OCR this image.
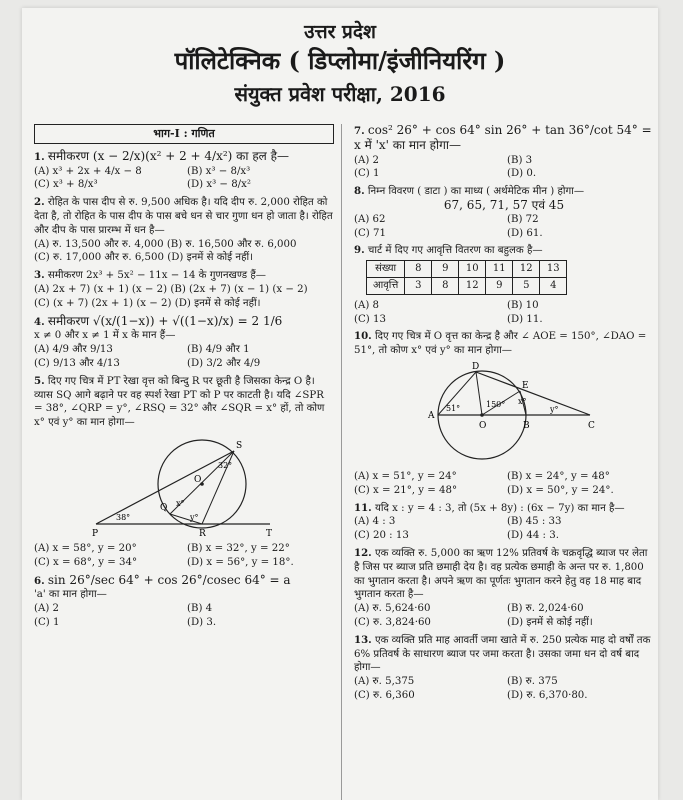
उत्तर प्रदेश
पॉलिटेक्निक ( डिप्लोमा/इंजीनियरिंग )
संयुक्त प्रवेश परीक्षा, 2016
भाग-I : गणित
1. समीकरण (x − 2/x)(x² + 2 + 4/x²) का हल है—
(A) x³ + 2x + 4/x − 8	(B) x³ − 8/x³
(C) x³ + 8/x³	(D) x³ − 8/x²
2. रोहित के पास दीप से रु. 9,500 अधिक है। यदि दीप रु. 2,000 रोहित को देता है, तो रोहित के पास दीप के पास बचे धन से चार गुणा धन हो जाता है। रोहित और दीप के पास प्रारम्भ में धन है—
(A) रु. 13,500 और रु. 4,000 (B) रु. 16,500 और रु. 6,000
(C) रु. 17,000 और रु. 6,500 (D) इनमें से कोई नहीं।
3. समीकरण 2x³ + 5x² − 11x − 14 के गुणनखण्ड हैं—
(A) 2x + 7) (x + 1) (x − 2) (B) (2x + 7) (x − 1) (x − 2)
(C) (x + 7) (2x + 1) (x − 2) (D) इनमें से कोई नहीं।
4. समीकरण √(x/(1−x)) + √((1−x)/x) = 2 1/6
x ≠ 0 और x ≠ 1 में x के मान हैं—
(A) 4/9 और 9/13	(B) 4/9 और 1
(C) 9/13 और 4/13	(D) 3/2 और 4/9
5. दिए गए चित्र में PT रेखा वृत्त को बिन्दु R पर छूती है जिसका केन्द्र O है। व्यास SQ आगे बढ़ाने पर वह स्पर्श रेखा PT को P पर काटती है। यदि ∠SPR = 38°, ∠QRP = y°, ∠RSQ = 32° और ∠SQR = x° हों, तो कोण x° एवं y° का मान होगा—
S
O
P	R	T
Q
38°
32°
x°
y°
(A) x = 58°, y = 20°	(B) x = 32°, y = 22°
(C) x = 68°, y = 34°	(D) x = 56°, y = 18°.
6. sin 26°/sec 64° + cos 26°/cosec 64° = a
'a' का मान होगा—
(A) 2	(B) 4
(C) 1	(D) 3.
7. cos² 26° + cos 64° sin 26° + tan 36°/cot 54° = x में 'x' का मान होगा—
(A) 2	(B) 3
(C) 1	(D) 0.
8. निम्न विवरण ( डाटा ) का माध्य ( अर्थमेटिक मीन ) होगा—
67, 65, 71, 57 एवं 45
(A) 62	(B) 72
(C) 71	(D) 61.
9. चार्ट में दिए गए आवृत्ति वितरण का बहुलक है—
संख्या	8	9	10	11	12	13
आवृत्ति	3	8	12	9	5	4
(A) 8	(B) 10
(C) 13	(D) 11.
10. दिए गए चित्र में O वृत्त का केन्द्र है और ∠ AOE = 150°, ∠DAO = 51°, तो कोण x° एवं y° का मान होगा—
D
E
A
O	B	C
51°	150° x°
y°
(A) x = 51°, y = 24°	(B) x = 24°, y = 48°
(C) x = 21°, y = 48°	(D) x = 50°, y = 24°.
11. यदि x : y = 4 : 3, तो (5x + 8y) : (6x − 7y) का मान है—
(A) 4 : 3	(B) 45 : 33
(C) 20 : 13	(D) 44 : 3.
12. एक व्यक्ति रु. 5,000 का ऋण 12% प्रतिवर्ष के चक्रवृद्धि ब्याज पर लेता है जिस पर ब्याज प्रति छमाही देय है। वह प्रत्येक छमाही के अन्त पर रु. 1,800 का भुगतान करता है। अपने ऋण का पूर्णतः भुगतान करने हेतु वह 18 माह बाद भुगतान करता है—
(A) रु. 5,624·60	(B) रु. 2,024·60
(C) रु. 3,824·60	(D) इनमें से कोई नहीं।
13. एक व्यक्ति प्रति माह आवर्ती जमा खाते में रु. 250 प्रत्येक माह दो वर्षों तक 6% प्रतिवर्ष के साधारण ब्याज पर जमा करता है। उसका जमा धन दो वर्ष बाद होगा—
(A) रु. 5,375	(B) रु. 375
(C) रु. 6,360	(D) रु. 6,370·80.
